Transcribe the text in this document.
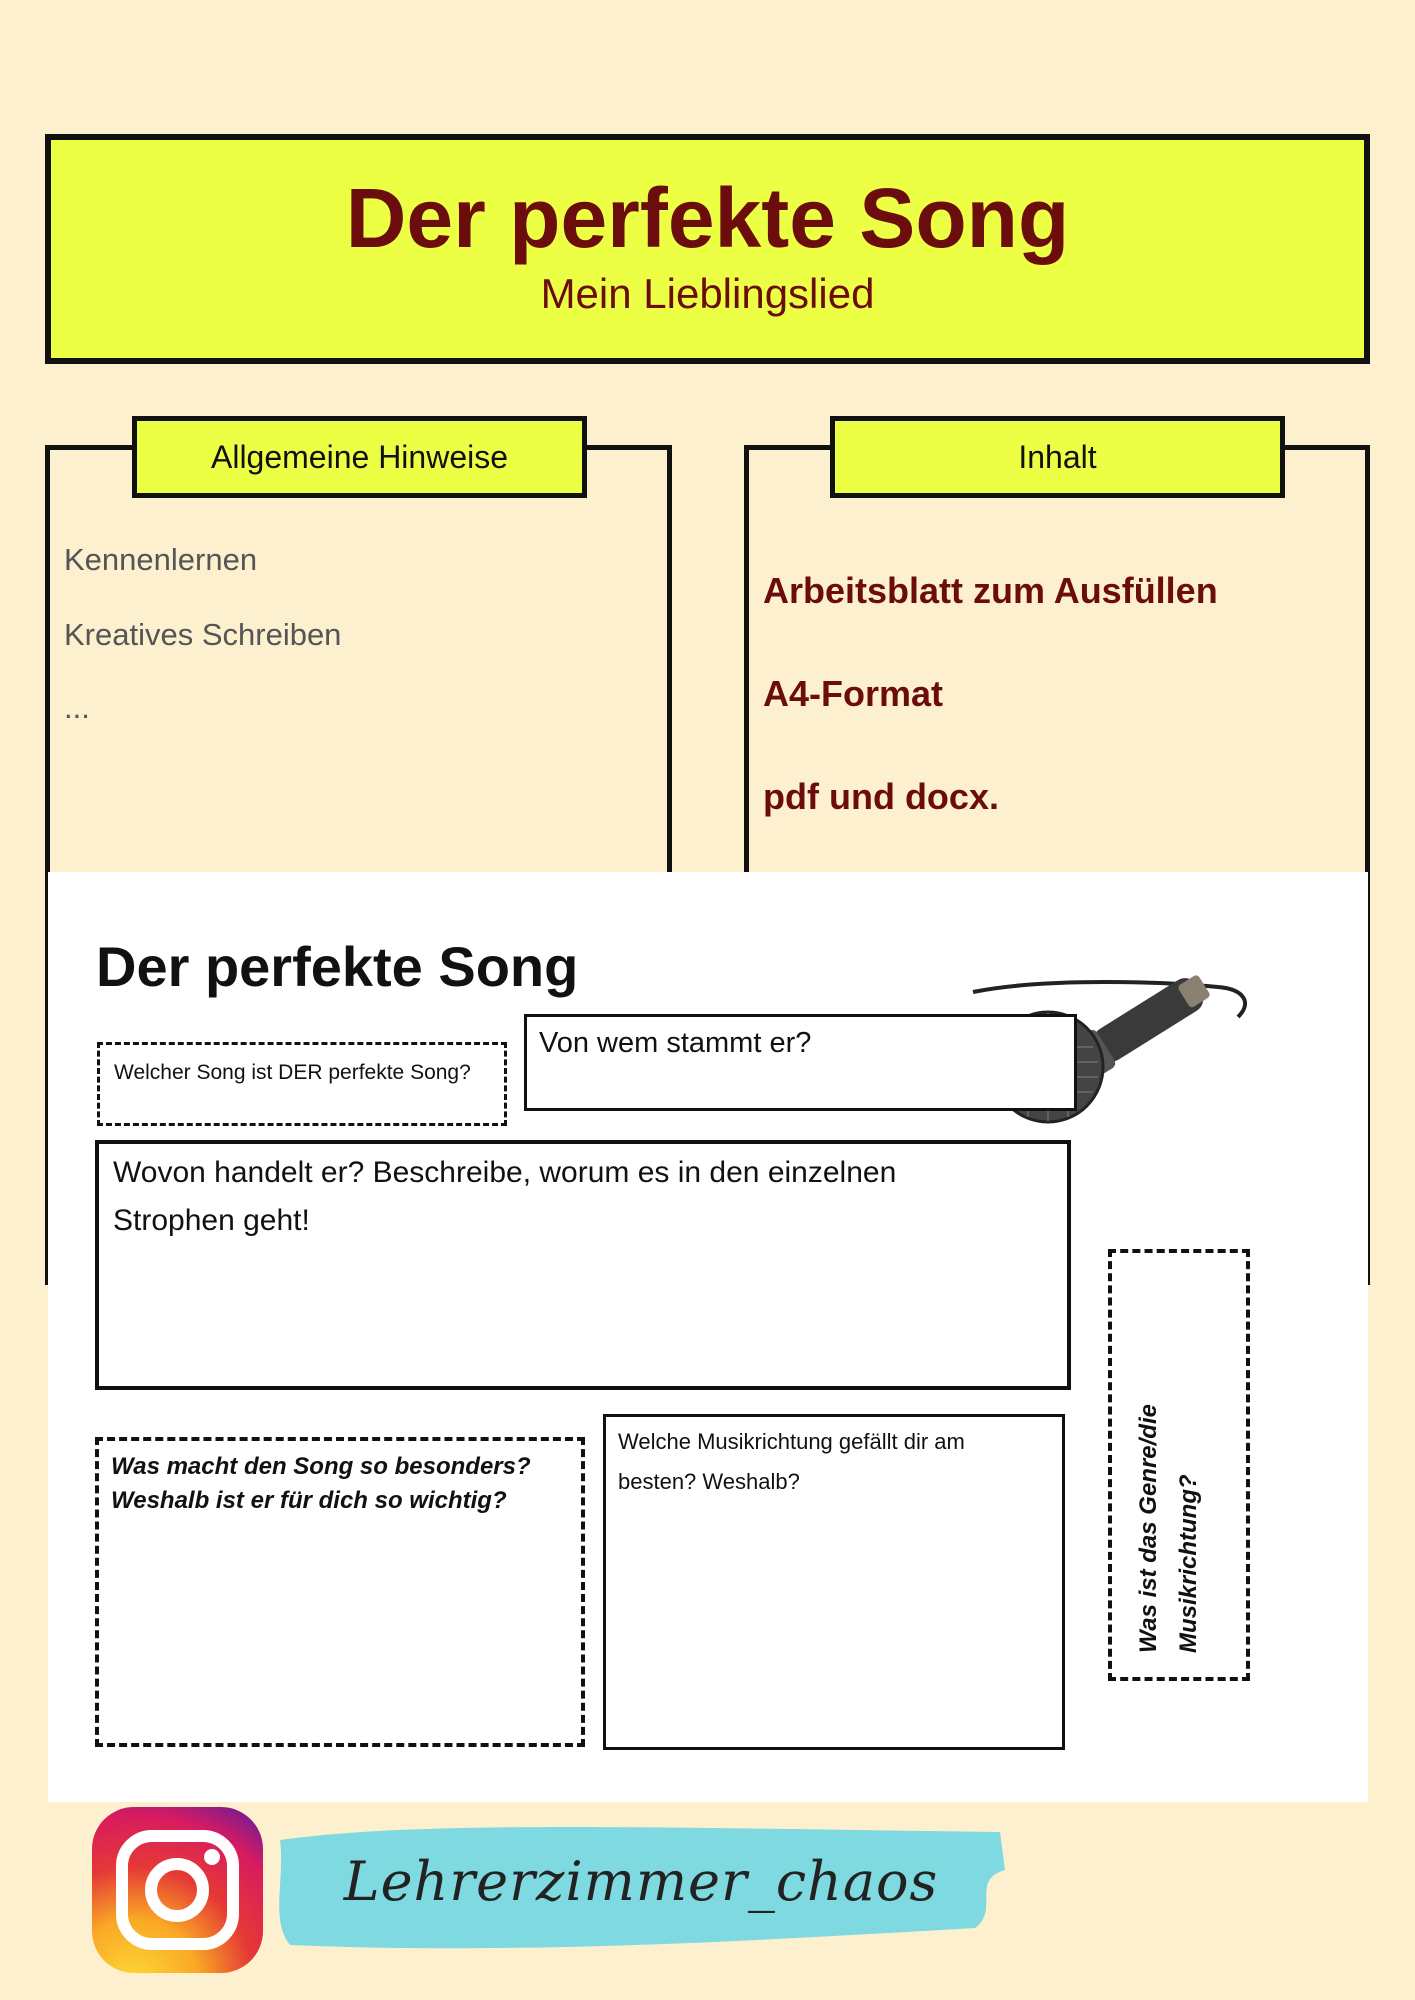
Der perfekte Song
Mein Lieblingslied
Allgemeine Hinweise
Kennenlernen
Kreatives Schreiben
...
Inhalt
Arbeitsblatt zum Ausfüllen
A4-Format
pdf und docx.
Der perfekte Song
Welcher Song ist DER perfekte Song?
Von wem stammt er?
Wovon handelt er? Beschreibe, worum es in den einzelnen
Strophen geht!
Was macht den Song so besonders?
Weshalb ist er für dich so wichtig?
Welche Musikrichtung gefällt dir am
besten? Weshalb?	Was ist das Genre/die Musikrichtung?
Lehrerzimmer_chaos
